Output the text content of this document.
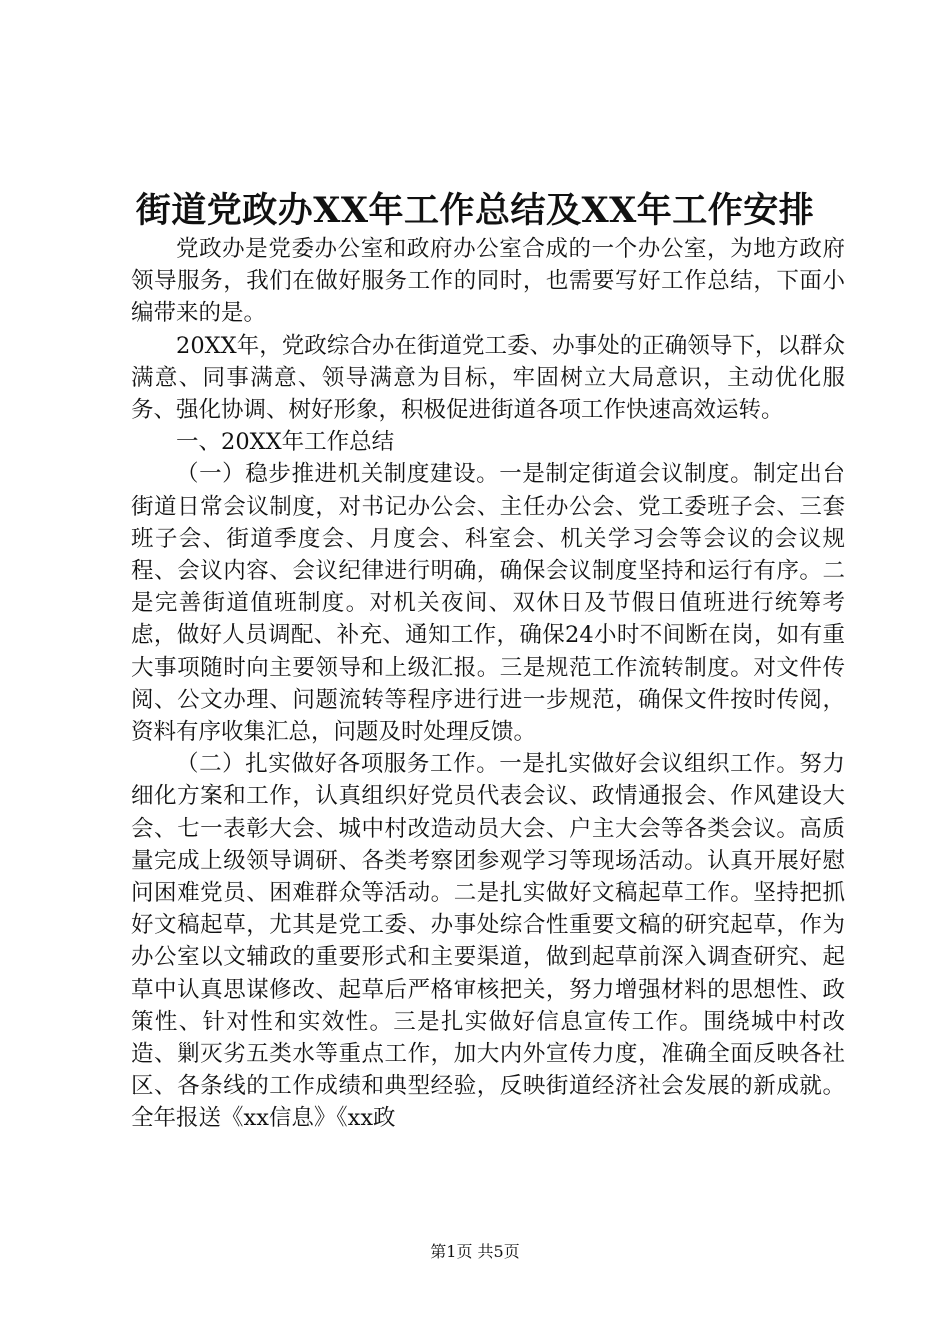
街道党政办XX年工作总结及XX年工作安排

党政办是党委办公室和政府办公室合成的一个办公室，为地方政府领导服务，我们在做好服务工作的同时，也需要写好工作总结，下面小编带来的是。

20XX年，党政综合办在街道党工委、办事处的正确领导下，以群众满意、同事满意、领导满意为目标，牢固树立大局意识，主动优化服务、强化协调、树好形象，积极促进街道各项工作快速高效运转。

一、20XX年工作总结

（一）稳步推进机关制度建设。一是制定街道会议制度。制定出台街道日常会议制度，对书记办公会、主任办公会、党工委班子会、三套班子会、街道季度会、月度会、科室会、机关学习会等会议的会议规程、会议内容、会议纪律进行明确，确保会议制度坚持和运行有序。二是完善街道值班制度。对机关夜间、双休日及节假日值班进行统筹考虑，做好人员调配、补充、通知工作，确保24小时不间断在岗，如有重大事项随时向主要领导和上级汇报。三是规范工作流转制度。对文件传阅、公文办理、问题流转等程序进行进一步规范，确保文件按时传阅，资料有序收集汇总，问题及时处理反馈。

（二）扎实做好各项服务工作。一是扎实做好会议组织工作。努力细化方案和工作，认真组织好党员代表会议、政情通报会、作风建设大会、七一表彰大会、城中村改造动员大会、户主大会等各类会议。高质量完成上级领导调研、各类考察团参观学习等现场活动。认真开展好慰问困难党员、困难群众等活动。二是扎实做好文稿起草工作。坚持把抓好文稿起草，尤其是党工委、办事处综合性重要文稿的研究起草，作为办公室以文辅政的重要形式和主要渠道，做到起草前深入调查研究、起草中认真思谋修改、起草后严格审核把关，努力增强材料的思想性、政策性、针对性和实效性。三是扎实做好信息宣传工作。围绕城中村改造、剿灭劣五类水等重点工作，加大内外宣传力度，准确全面反映各社区、各条线的工作成绩和典型经验，反映街道经济社会发展的新成就。全年报送《xx信息》《xx政

第1页 共5页
